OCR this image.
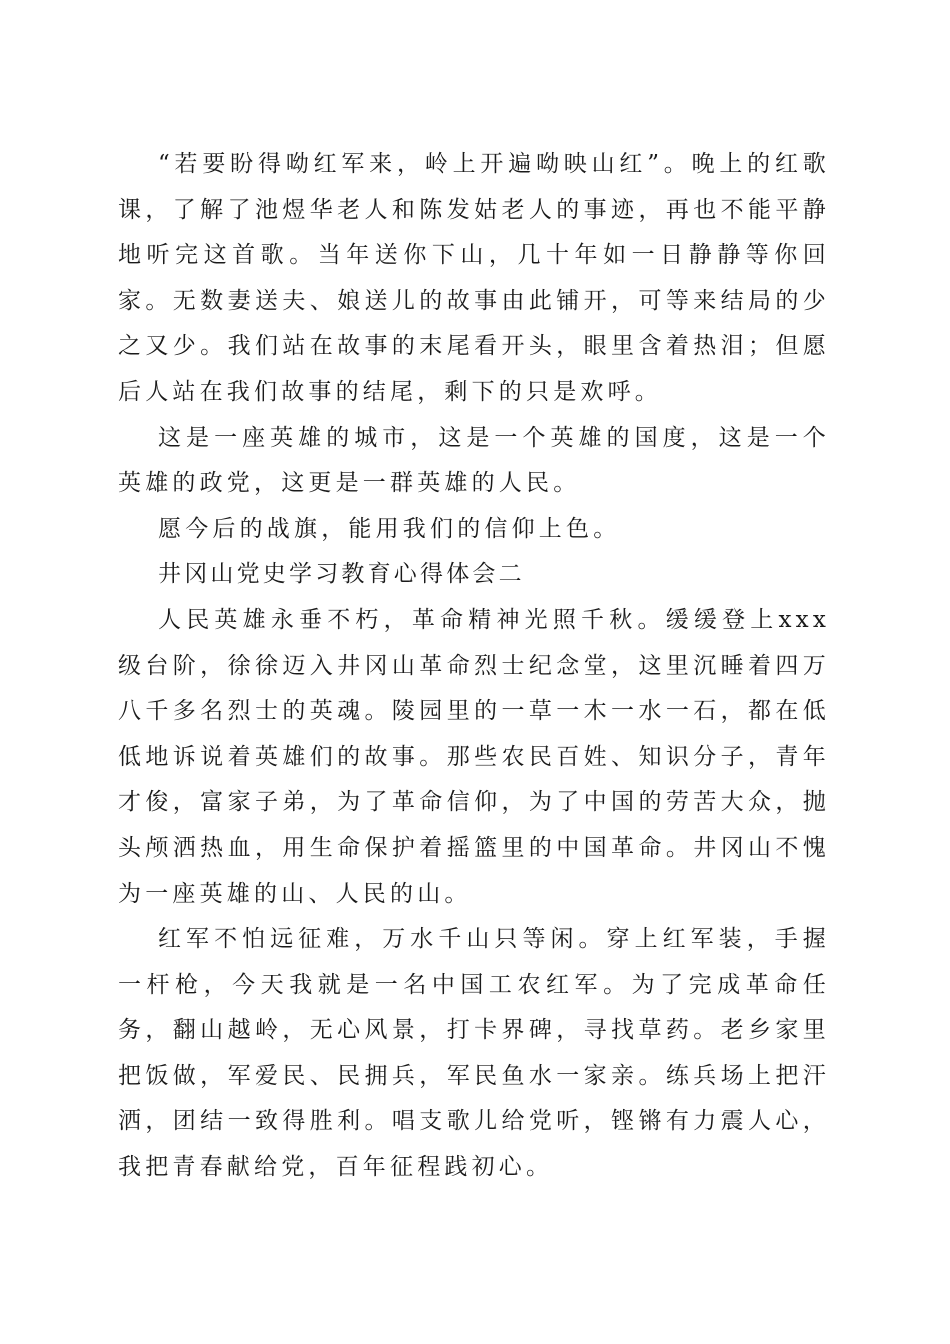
“若要盼得呦红军来，岭上开遍呦映山红”。晚上的红歌课，了解了池煜华老人和陈发姑老人的事迹，再也不能平静地听完这首歌。当年送你下山，几十年如一日静静等你回家。无数妻送夫、娘送儿的故事由此铺开，可等来结局的少之又少。我们站在故事的末尾看开头，眼里含着热泪；但愿后人站在我们故事的结尾，剩下的只是欢呼。

这是一座英雄的城市，这是一个英雄的国度，这是一个英雄的政党，这更是一群英雄的人民。

愿今后的战旗，能用我们的信仰上色。

井冈山党史学习教育心得体会二

人民英雄永垂不朽，革命精神光照千秋。缓缓登上xxx级台阶，徐徐迈入井冈山革命烈士纪念堂，这里沉睡着四万八千多名烈士的英魂。陵园里的一草一木一水一石，都在低低地诉说着英雄们的故事。那些农民百姓、知识分子，青年才俊，富家子弟，为了革命信仰，为了中国的劳苦大众，抛头颅洒热血，用生命保护着摇篮里的中国革命。井冈山不愧为一座英雄的山、人民的山。

红军不怕远征难，万水千山只等闲。穿上红军装，手握一杆枪，今天我就是一名中国工农红军。为了完成革命任务，翻山越岭，无心风景，打卡界碑，寻找草药。老乡家里把饭做，军爱民、民拥兵，军民鱼水一家亲。练兵场上把汗洒，团结一致得胜利。唱支歌儿给党听，铿锵有力震人心，我把青春献给党，百年征程践初心。
